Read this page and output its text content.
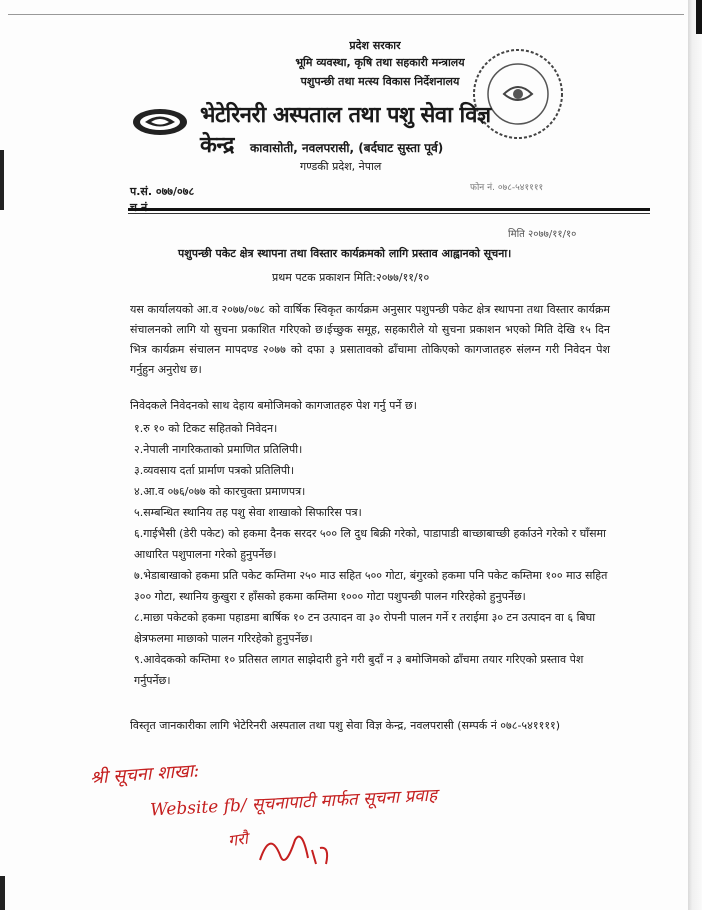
प्रदेश सरकार
भूमि व्यवस्था, कृषि तथा सहकारी मन्त्रालय
पशुपन्छी तथा मत्स्य विकास निर्देशनालय
भेटेरिनरी अस्पताल तथा पशु सेवा विज्ञ केन्द्र	कावासोती, नवलपरासी, (बर्दघाट सुस्ता पूर्व)
गण्डकी प्रदेश, नेपाल
प.सं. ०७७/०७८
च.नं.
फोन नं. ०७८-५४११११
मिति २०७७/११/१०
पशुपन्छी पकेट क्षेत्र स्थापना तथा विस्तार कार्यक्रमको लागि प्रस्ताव आह्वानको सूचना।
प्रथम पटक प्रकाशन मिति:२०७७/११/१०
यस कार्यालयको आ.व २०७७/०७८ को वार्षिक स्विकृत कार्यक्रम अनुसार पशुपन्छी पकेट क्षेत्र स्थापना तथा विस्तार कार्यक्रम संचालनको लागि यो सुचना प्रकाशित गरिएको छ।ईच्छुक समूह, सहकारीले यो सुचना प्रकाशन भएको मिति देखि १५ दिन भित्र कार्यक्रम संचालन मापदण्ड २०७७ को दफा ३ प्रसातावको ढाँचामा तोकिएको कागजातहरु संलग्न गरी निवेदन पेश गर्नुहुन अनुरोध छ।
निवेदकले निवेदनको साथ देहाय बमोजिमको कागजातहरु पेश गर्नु पर्ने छ।
१.रु १० को टिकट सहितको निवेदन।
२.नेपाली नागरिकताको प्रमाणित प्रतिलिपी।
३.व्यवसाय दर्ता प्रार्माण पत्रको प्रतिलिपी।
४.आ.व ०७६/०७७ को कारचुक्ता प्रमाणपत्र।
५.सम्बन्धित स्थानिय तह पशु सेवा शाखाको सिफारिस पत्र।
६.गाईभैसी (डेरी पकेट) को हकमा दैनक सरदर ५०० लि दुध बिक्री गरेको, पाडापाडी बाच्छाबाच्छी हर्काउने गरेको र घाँसमा आधारित पशुपालना गरेको हुनुपर्नेछ।
७.भेडाबाखाको हकमा प्रति पकेट कम्तिमा २५० माउ सहित ५०० गोटा, बंगुरको हकमा पनि पकेट कम्तिमा १०० माउ सहित ३०० गोटा, स्थानिय कुखुरा र हाँसको हकमा कम्तिमा १००० गोटा पशुपन्छी पालन गरिरहेको हुनुपर्नेछ।
८.माछा पकेटको हकमा पहाडमा बार्षिक १० टन उत्पादन वा ३० रोपनी पालन गर्ने र तराईमा ३० टन उत्पादन वा ६ बिघा क्षेत्रफलमा माछाको पालन गरिरहेको हुनुपर्नेछ।
९.आवेदकको कम्तिमा १० प्रतिसत लागत साझेदारी हुने गरी बुदाँ न ३ बमोजिमको ढाँचमा तयार गरिएको प्रस्ताव पेश गर्नुपर्नेछ।
विस्तृत जानकारीका लागि भेटेरिनरी अस्पताल तथा पशु सेवा विज्ञ केन्द्र, नवलपरासी (सम्पर्क नं ०७८-५४११११)
श्री सूचना शाखा:
Website fb/ सूचनापाटी मार्फत सूचना प्रवाह
गरौ
